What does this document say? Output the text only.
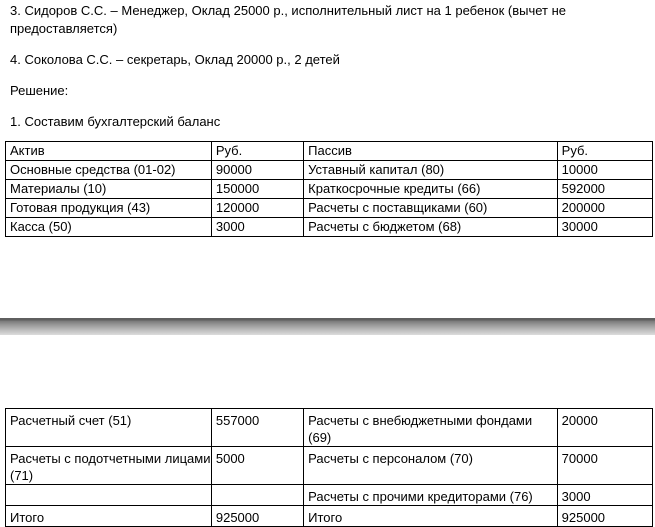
3. Сидоров С.С. – Менеджер, Оклад 25000 р., исполнительный лист на 1 ребенок (вычет не
предоставляется)
4. Соколова С.С. – секретарь, Оклад 20000 р., 2 детей
Решение:
1. Составим бухгалтерский баланс
Актив	Руб.	Пассив	Руб.
Основные средства (01-02)	90000	Уставный капитал (80)	10000
Материалы (10)	150000	Краткосрочные кредиты (66)	592000
Готовая продукция (43)	120000	Расчеты с поставщиками (60)	200000
Касса (50)	3000	Расчеты с бюджетом (68)	30000
Расчетный счет (51)	557000	Расчеты с внебюджетными фондами (69)	20000
Расчеты с подотчетными лицами (71)	5000	Расчеты с персоналом (70)	70000
		Расчеты с прочими кредиторами (76)	3000
Итого	925000	Итого	925000
